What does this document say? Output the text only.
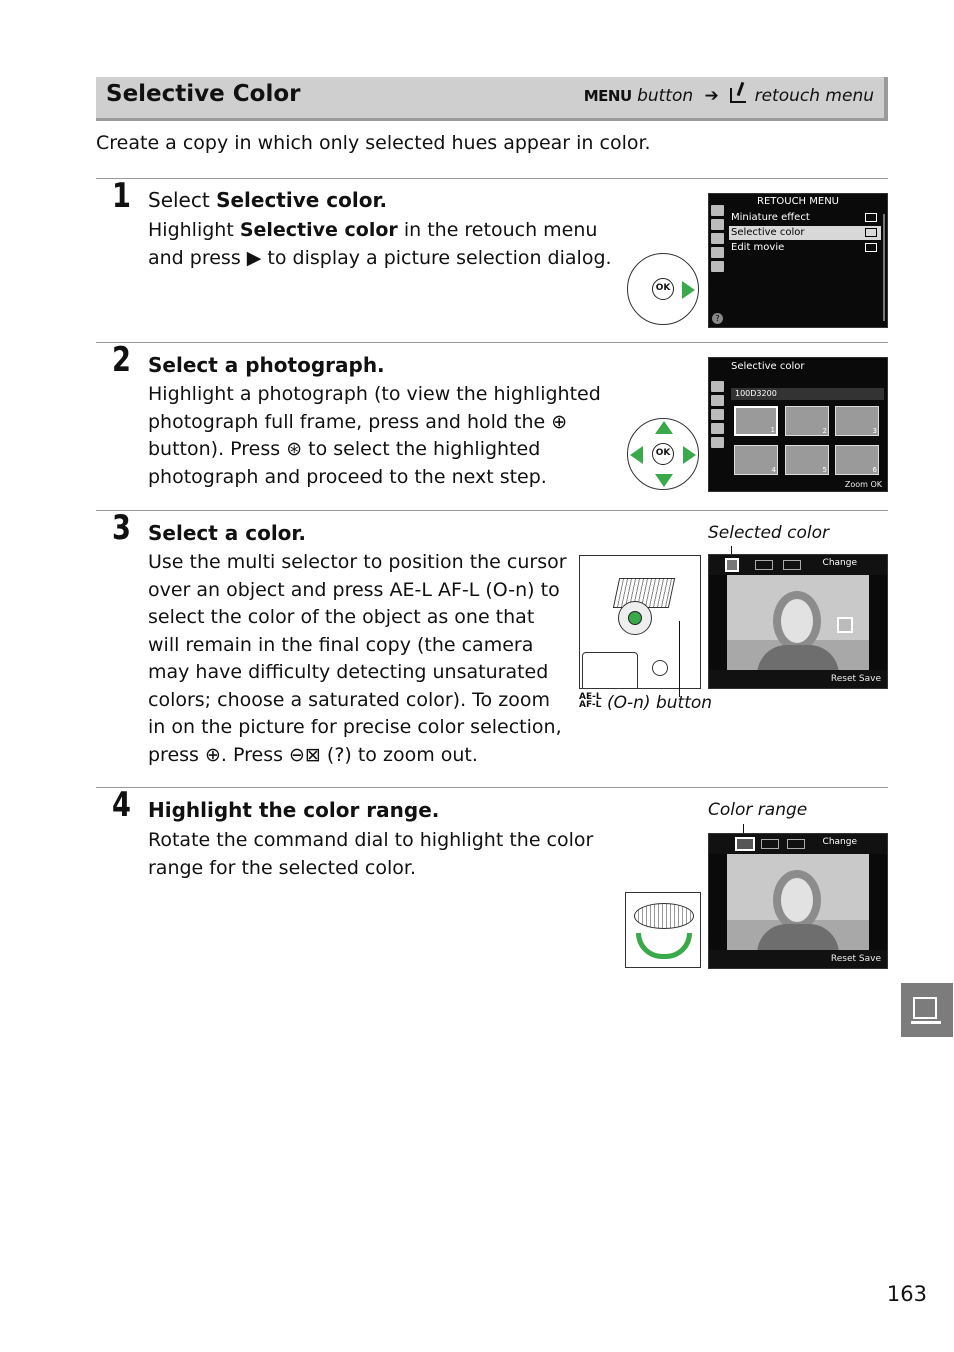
Selective Color	MENU button ➔ retouch menu
Create a copy in which only selected hues appear in color.
1 Select Selective color.
Highlight Selective color in the retouch menu and press ▶ to display a picture selection dialog.
OK
RETOUCH MENU
Miniature effect
Selective color
Edit movie
?
2 Select a photograph.
Highlight a photograph (to view the highlighted photograph full frame, press and hold the ⊕ button). Press ⊛ to select the highlighted photograph and proceed to the next step.
OK
Selective color
100D3200
1	2	3
4	5	6
Zoom OK
3 Select a color.
Use the multi selector to position the cursor over an object and press AE-L AF-L (O-n) to select the color of the object as one that will remain in the final copy (the camera may have difficulty detecting unsaturated colors; choose a saturated color). To zoom in on the picture for precise color selection, press ⊕. Press ⊖⊠ (?) to zoom out.
Selected color
AE-L
AF-L (O-n) button
Change
Reset Save
4 Highlight the color range.
Rotate the command dial to highlight the color range for the selected color.
Color range
Change
Reset Save
163
